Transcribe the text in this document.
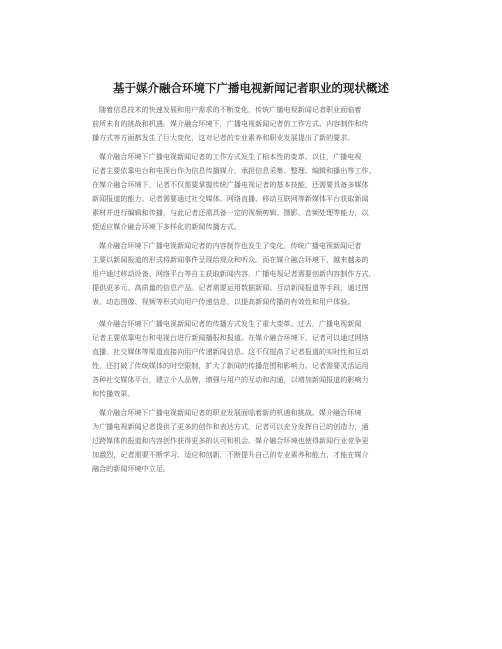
基于媒介融合环境下广播电视新闻记者职业的现状概述
随着信息技术的快速发展和用户需求的不断变化，传统广播电视新闻记者职业面临着
前所未有的挑战和机遇。媒介融合环境下，广播电视新闻记者的工作方式、内容制作和传
播方式等方面都发生了巨大变化，这对记者的专业素养和职业发展提出了新的要求。
媒介融合环境下广播电视新闻记者的工作方式发生了根本性的变革。以往，广播电视
记者主要依靠电台和电视台作为信息传播媒介，承担信息采集、整理、编辑和播出等工作。
在媒介融合环境下，记者不仅需要掌握传统广播电视记者的基本技能，还需要具备多媒体
新闻报道的能力。记者需要通过社交媒体、网络直播、移动互联网等新媒体平台获取新闻
素材并进行编辑和传播，与此记者还需具备一定的视频剪辑、摄影、音频处理等能力，以
便适应媒介融合环境下多样化的新闻传播方式。
媒介融合环境下广播电视新闻记者的内容制作也发生了变化。传统广播电视新闻记者
主要以新闻报道的形式将新闻事件呈现给观众和听众。而在媒介融合环境下，越来越多的
用户通过移动设备、网络平台等自主获取新闻内容，广播电视记者需要创新内容制作方式，
提供更多元、高质量的信息产品。记者需要运用数据新闻、互动新闻报道等手段，通过图
表、动态图像、视频等形式向用户传递信息，以提高新闻传播的有效性和用户体验。
媒介融合环境下广播电视新闻记者的传播方式发生了重大变革。过去，广播电视新闻
记者主要依靠电台和电视台进行新闻播报和报道。在媒介融合环境下，记者可以通过网络
直播、社交媒体等渠道直接向用户传递新闻信息。这不仅提高了记者报道的实时性和互动
性，还打破了传统媒体的时空限制，扩大了新闻的传播范围和影响力。记者需要灵活运用
各种社交媒体平台，建立个人品牌，增强与用户的互动和沟通，以增加新闻报道的影响力
和传播效果。
媒介融合环境下广播电视新闻记者的职业发展面临着新的机遇和挑战。媒介融合环境
为广播电视新闻记者提供了更多的创作和表达方式，记者可以充分发挥自己的创造力，通
过跨媒体的报道和内容创作获得更多的认可和机会。媒介融合环境也使得新闻行业竞争更
加激烈，记者需要不断学习、适应和创新，不断提升自己的专业素养和能力，才能在媒介
融合的新闻环境中立足。
